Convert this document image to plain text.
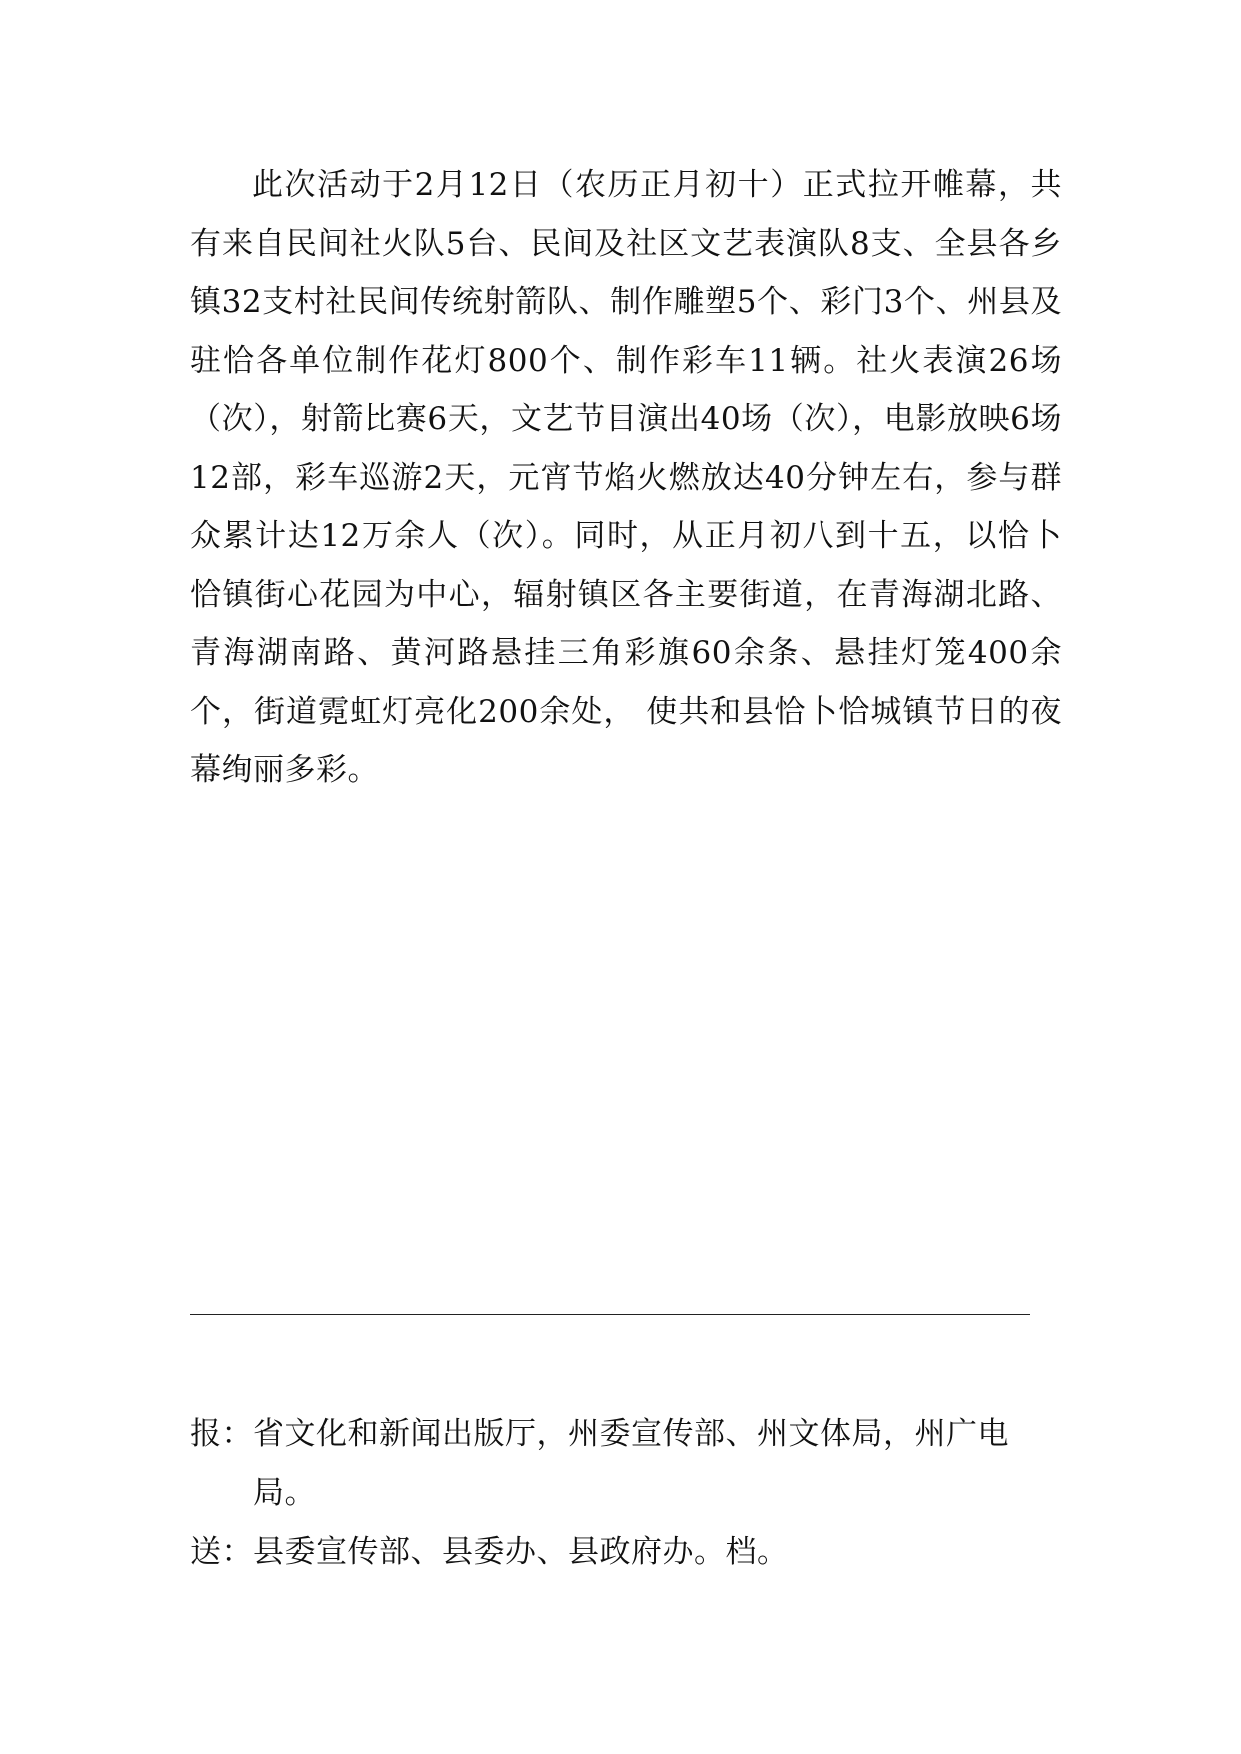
此次活动于2月12日（农历正月初十）正式拉开帷幕，共有来自民间社火队5台、民间及社区文艺表演队8支、全县各乡镇32支村社民间传统射箭队、制作雕塑5个、彩门3个、州县及驻恰各单位制作花灯800个、制作彩车11辆。社火表演26场（次），射箭比赛6天，文艺节目演出40场（次），电影放映6场12部，彩车巡游2天，元宵节焰火燃放达40分钟左右，参与群众累计达12万余人（次）。同时，从正月初八到十五，以恰卜恰镇街心花园为中心，辐射镇区各主要街道，在青海湖北路、青海湖南路、黄河路悬挂三角彩旗60余条、悬挂灯笼400余个，街道霓虹灯亮化200余处， 使共和县恰卜恰城镇节日的夜幕绚丽多彩。

报： 省文化和新闻出版厅，州委宣传部、州文体局，州广电局。
送： 县委宣传部、县委办、县政府办。档。
